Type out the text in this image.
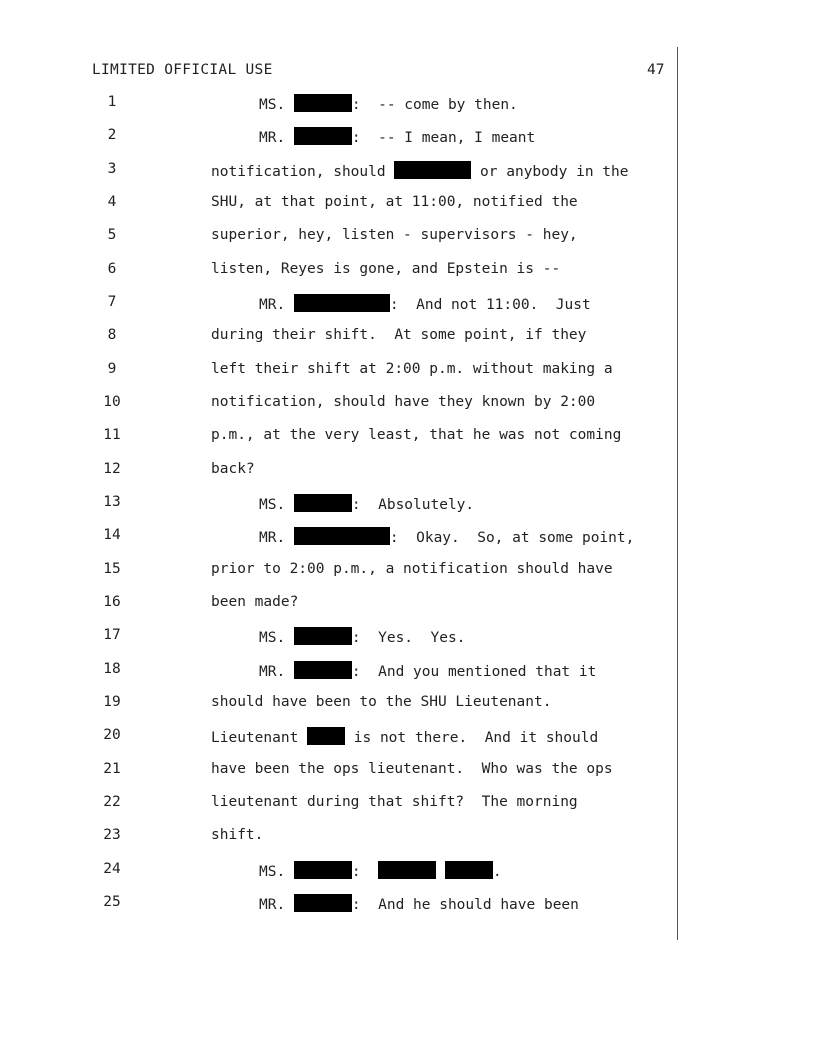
LIMITED OFFICIAL USE	47
1	MS.	:  -- come by then.
2	MR.	:  -- I mean, I meant
3	notification, should	or anybody in the
4	SHU, at that point, at 11:00, notified the
5	superior, hey, listen - supervisors - hey,
6	listen, Reyes is gone, and Epstein is --
7	MR.	:  And not 11:00.  Just
8	during their shift.  At some point, if they
9	left their shift at 2:00 p.m. without making a
10	notification, should have they known by 2:00
11	p.m., at the very least, that he was not coming
12	back?
13	MS.	:  Absolutely.
14	MR.	:  Okay.  So, at some point,
15	prior to 2:00 p.m., a notification should have
16	been made?
17	MS.	:  Yes.  Yes.
18	MR.	:  And you mentioned that it
19	should have been to the SHU Lieutenant.
20	Lieutenant	is not there.  And it should
21	have been the ops lieutenant.  Who was the ops
22	lieutenant during that shift?  The morning
23	shift.
24	MS.	:	.
25	MR.	:  And he should have been
